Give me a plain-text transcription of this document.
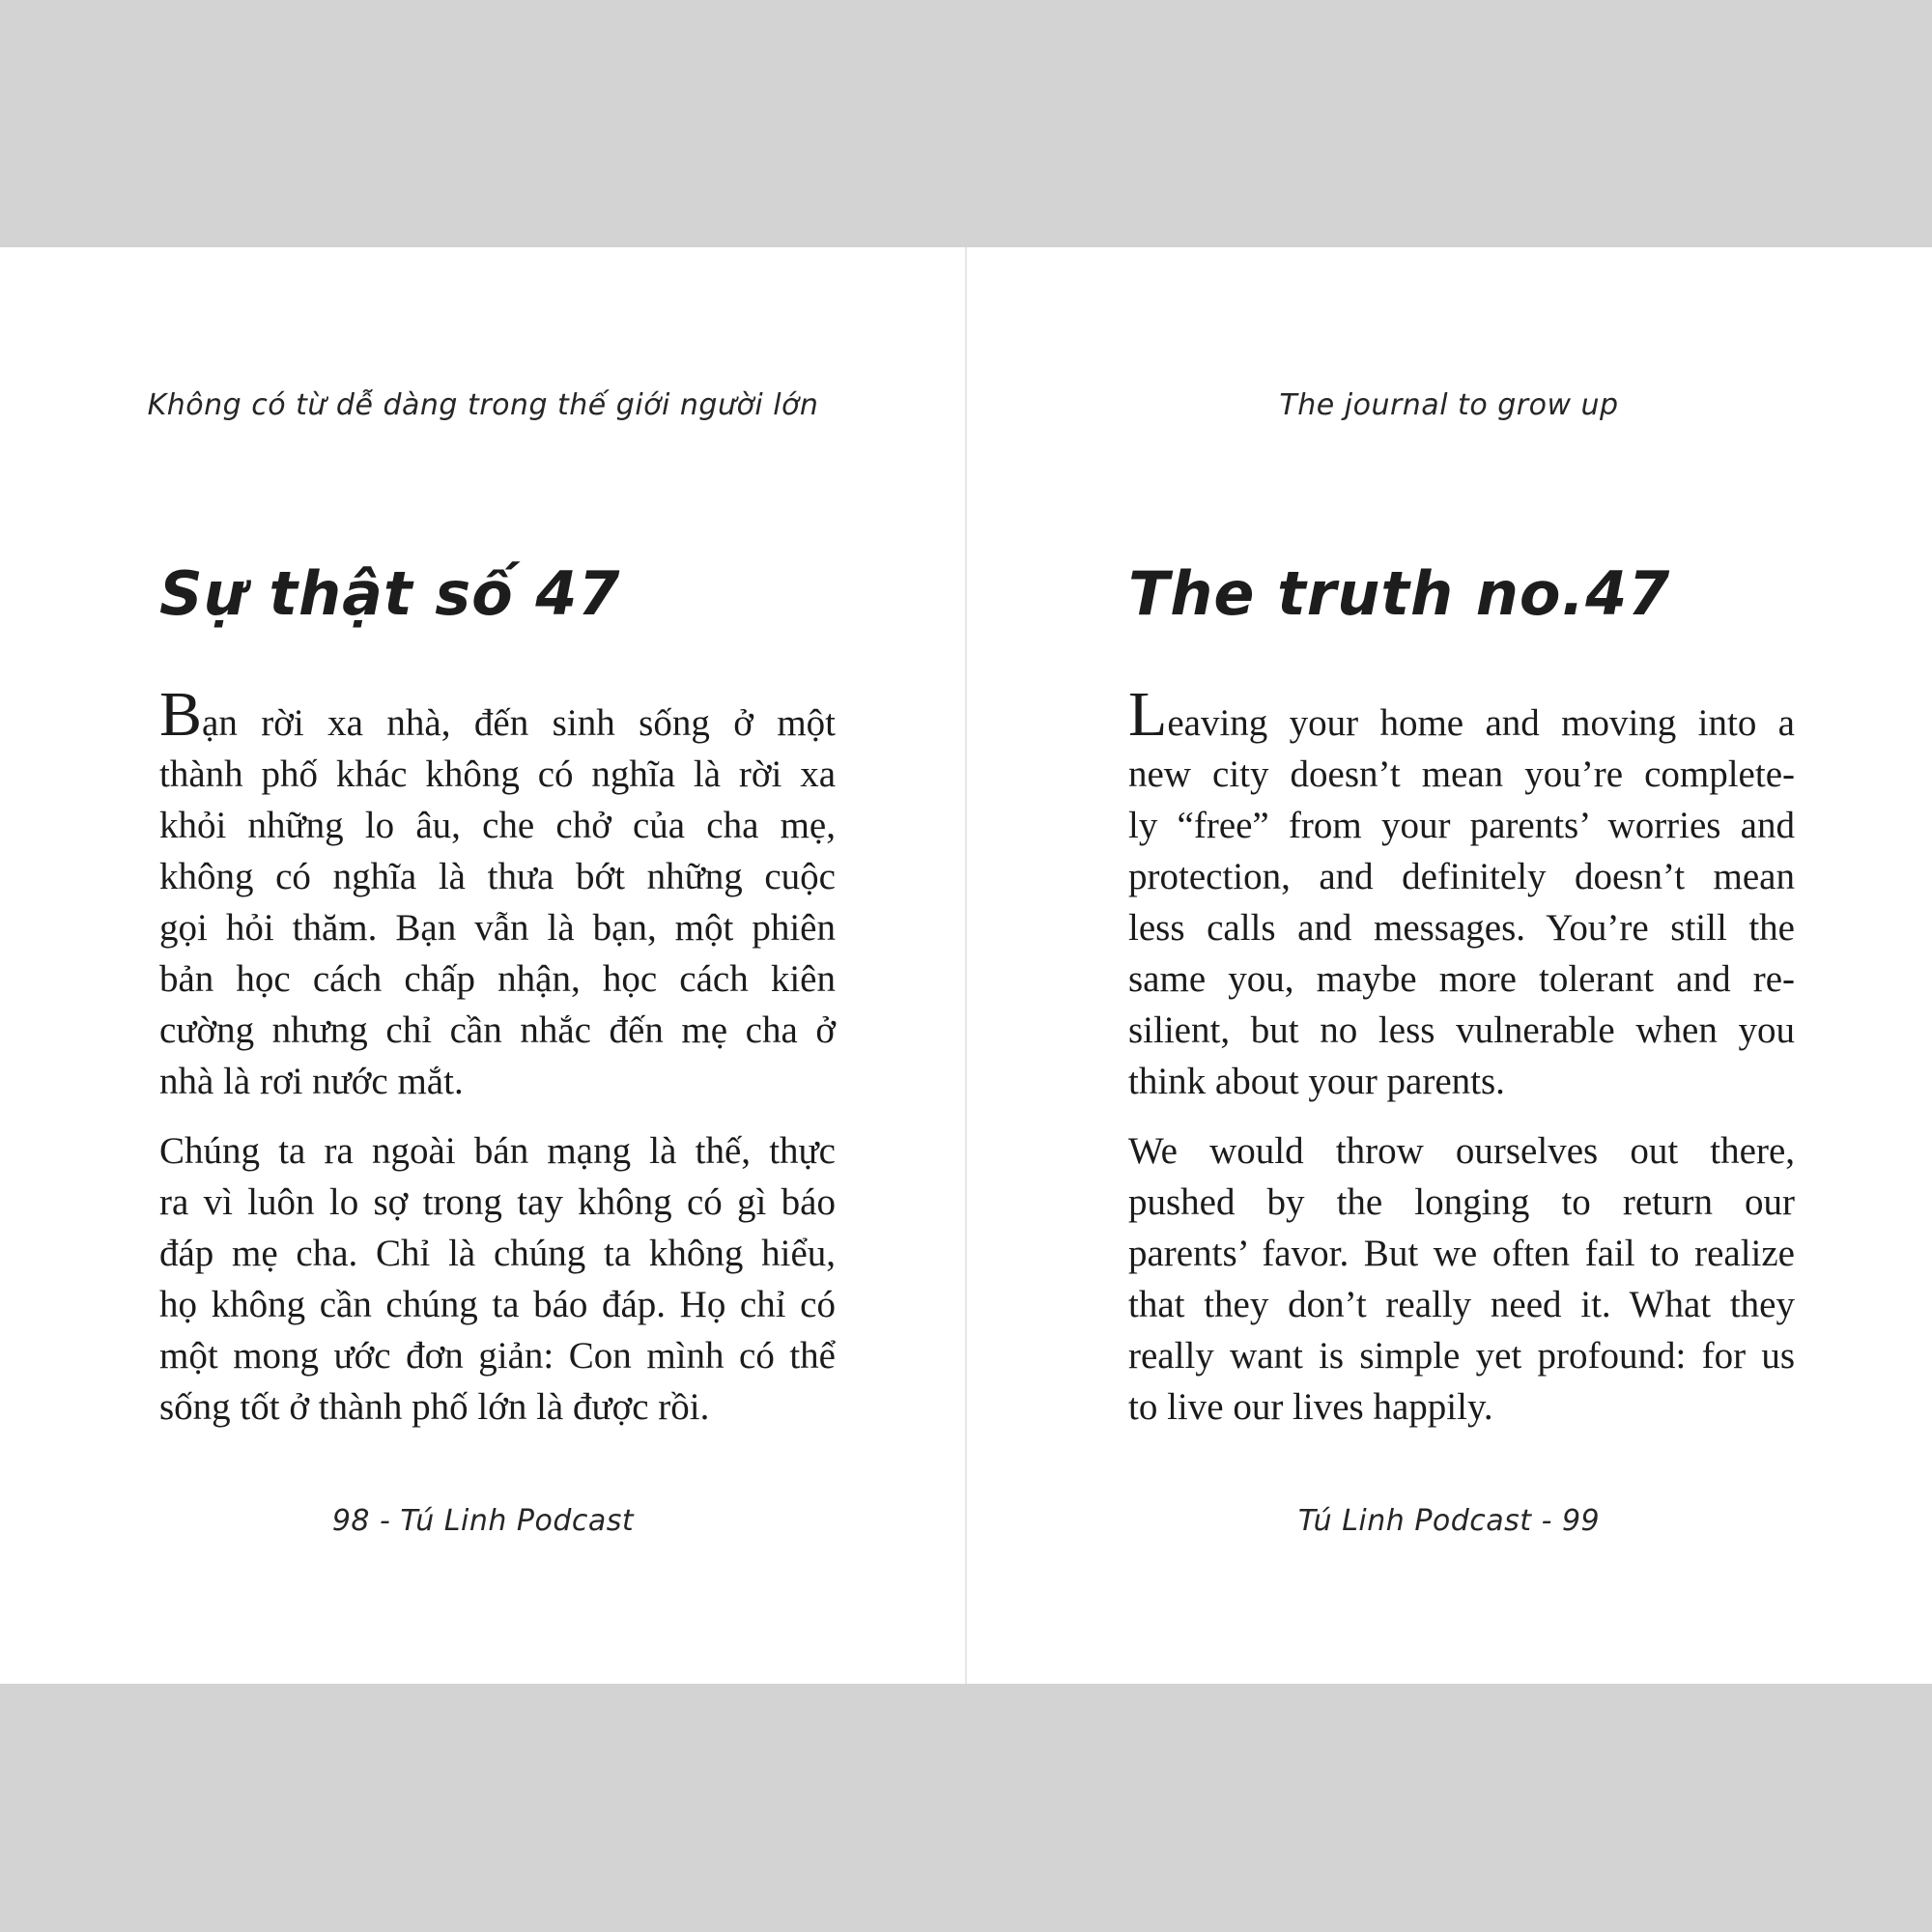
Không có từ dễ dàng trong thế giới người lớn
Sự thật số 47
Bạn rời xa nhà, đến sinh sống ở một
thành phố khác không có nghĩa là rời xa
khỏi những lo âu, che chở của cha mẹ,
không có nghĩa là thưa bớt những cuộc
gọi hỏi thăm. Bạn vẫn là bạn, một phiên
bản học cách chấp nhận, học cách kiên
cường nhưng chỉ cần nhắc đến mẹ cha ở
nhà là rơi nước mắt.
Chúng ta ra ngoài bán mạng là thế, thực
ra vì luôn lo sợ trong tay không có gì báo
đáp mẹ cha. Chỉ là chúng ta không hiểu,
họ không cần chúng ta báo đáp. Họ chỉ có
một mong ước đơn giản: Con mình có thể
sống tốt ở thành phố lớn là được rồi.
98 - Tú Linh Podcast
The journal to grow up
The truth no.47
Leaving your home and moving into a
new city doesn’t mean you’re complete-
ly “free” from your parents’ worries and
protection, and definitely doesn’t mean
less calls and messages. You’re still the
same you, maybe more tolerant and re-
silient, but no less vulnerable when you
think about your parents.
We would throw ourselves out there,
pushed by the longing to return our
parents’ favor. But we often fail to realize
that they don’t really need it. What they
really want is simple yet profound: for us
to live our lives happily.
Tú Linh Podcast - 99
